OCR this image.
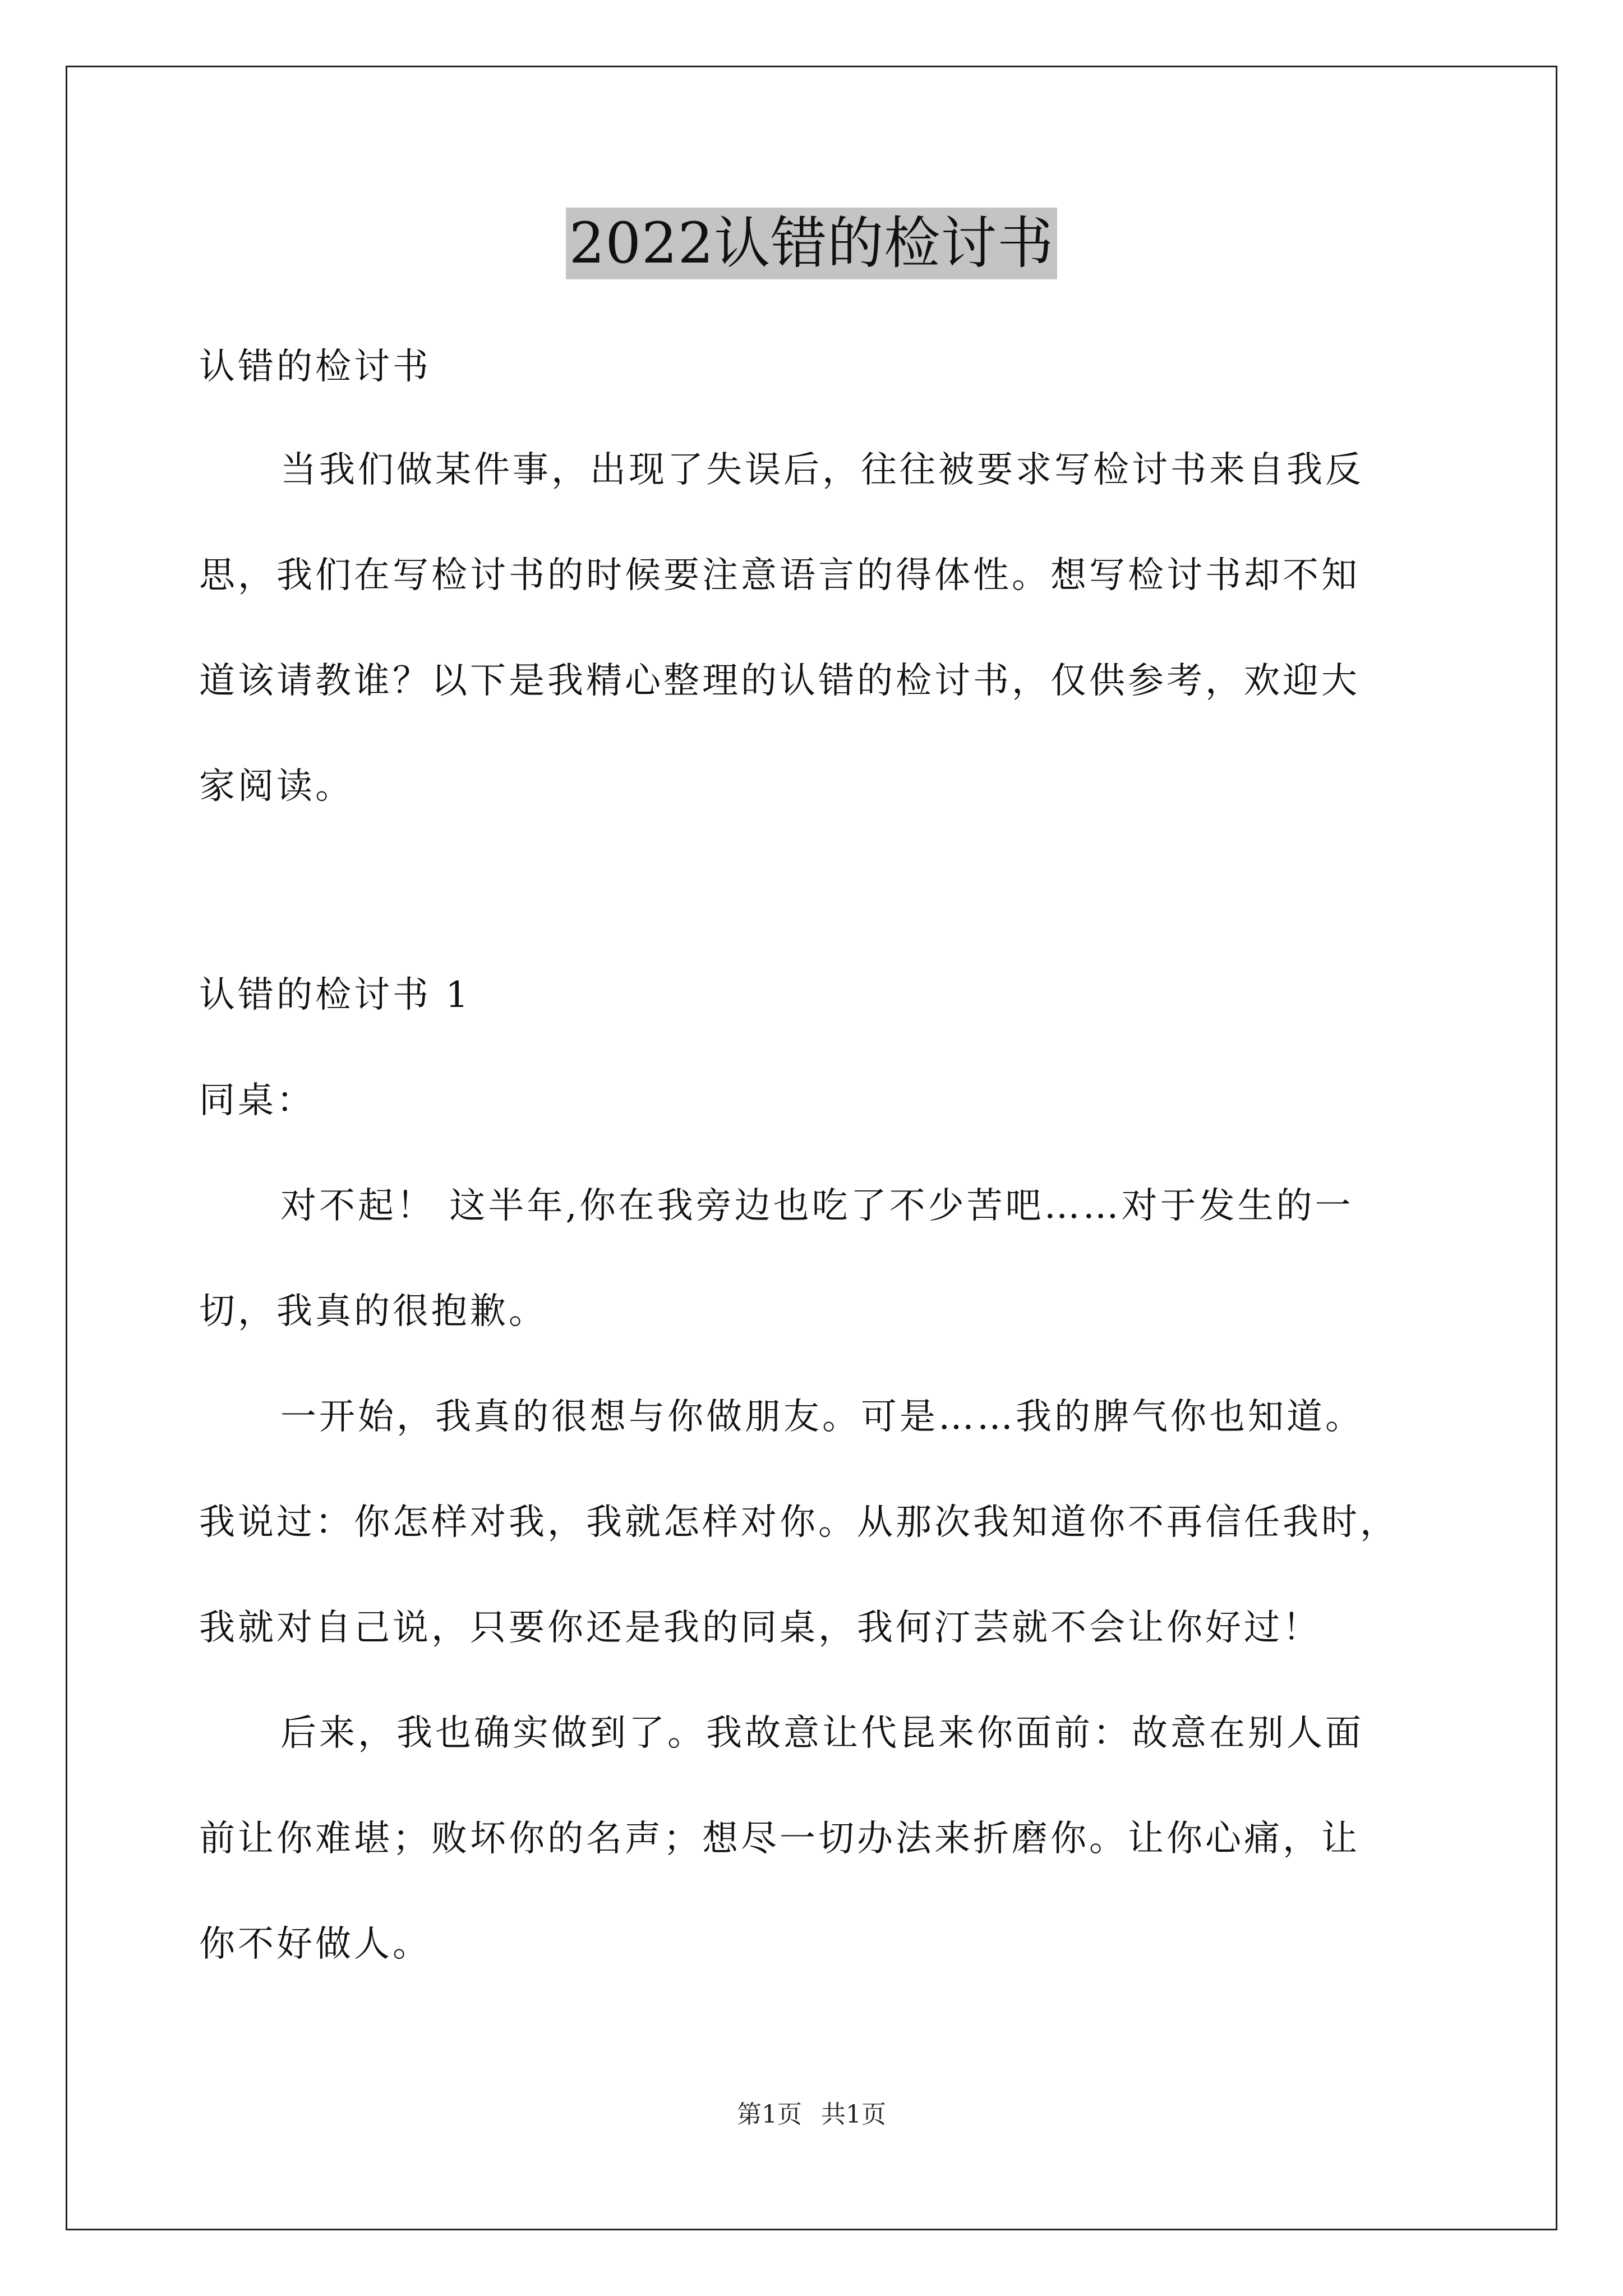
2022认错的检讨书

认错的检讨书

当我们做某件事，出现了失误后，往往被要求写检讨书来自我反

思，我们在写检讨书的时候要注意语言的得体性。想写检讨书却不知

道该请教谁？以下是我精心整理的认错的检讨书，仅供参考，欢迎大

家阅读。

认错的检讨书 1

同桌：

对不起！ 这半年,你在我旁边也吃了不少苦吧……对于发生的一

切，我真的很抱歉。

一开始，我真的很想与你做朋友。可是……我的脾气你也知道。

我说过：你怎样对我，我就怎样对你。从那次我知道你不再信任我时，

我就对自己说，只要你还是我的同桌，我何汀芸就不会让你好过！

后来，我也确实做到了。我故意让代昆来你面前：故意在别人面

前让你难堪；败坏你的名声；想尽一切办法来折磨你。让你心痛，让

你不好做人。

第1页 共1页
